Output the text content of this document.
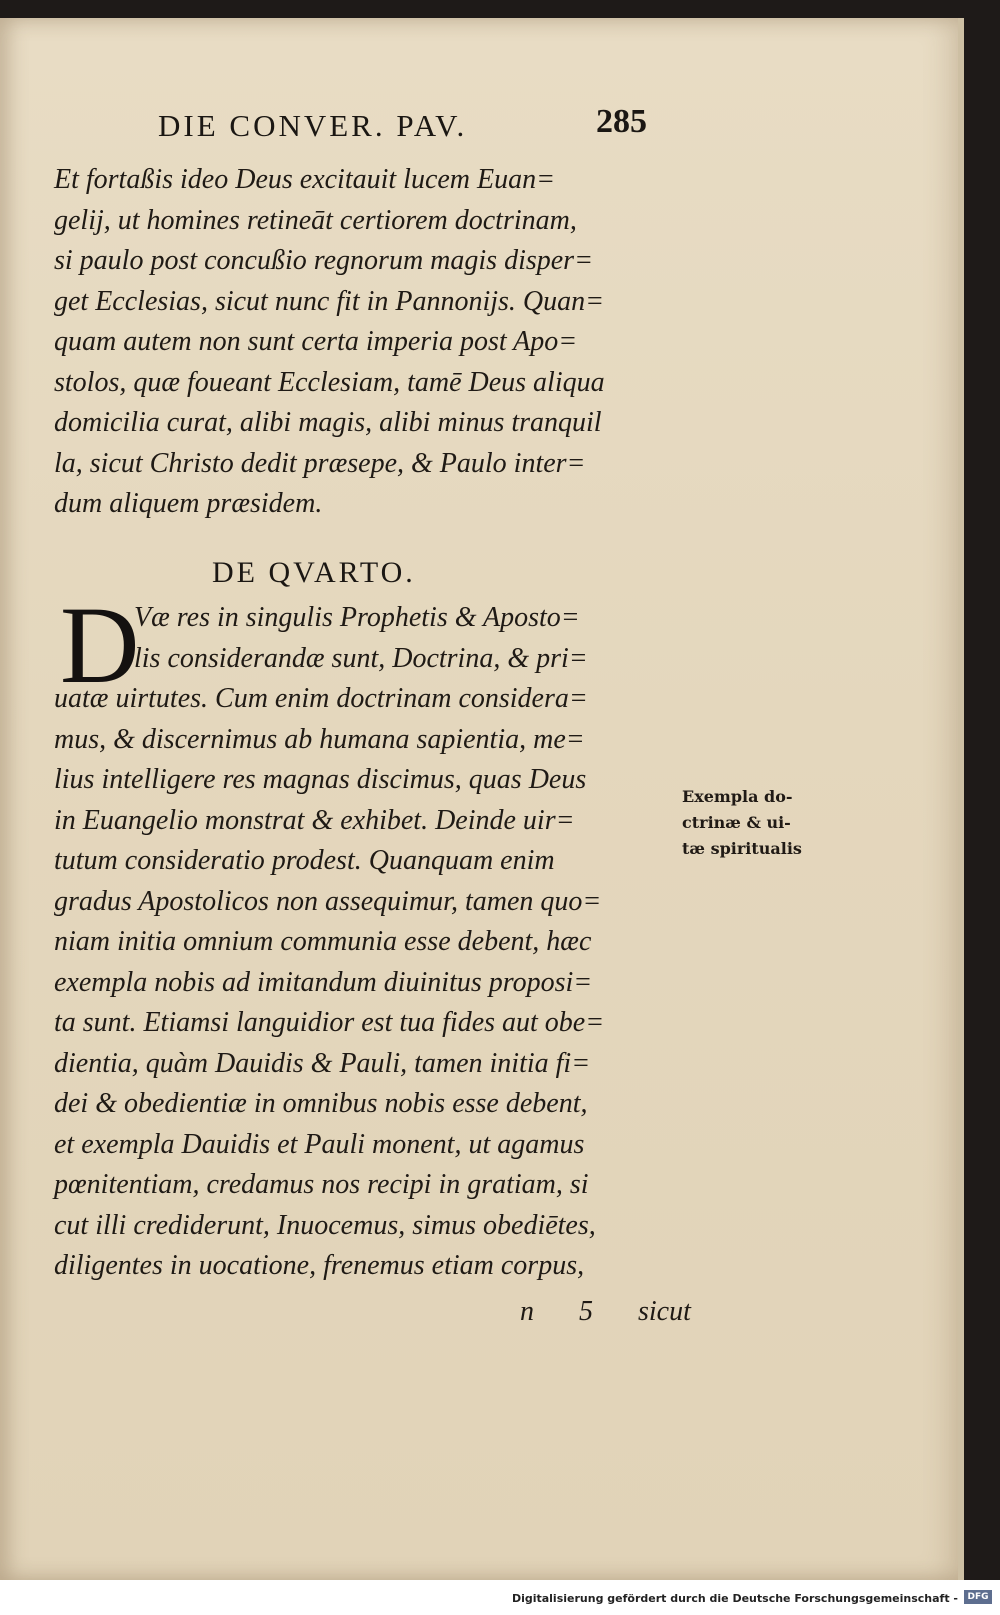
DIE CONVER. PAV.	285
Et fortaßis ideo Deus excitauit lucem Euan=
gelij, ut homines retineāt certiorem doctrinam,
si paulo post concußio regnorum magis disper=
get Ecclesias, sicut nunc fit in Pannonijs. Quan=
quam autem non sunt certa imperia post Apo=
stolos, quæ foueant Ecclesiam, tamē Deus aliqua
domicilia curat, alibi magis, alibi minus tranquil
la, sicut Christo dedit præsepe, & Paulo inter=
dum aliquem præsidem.
DE QVARTO.
D
Væ res in singulis Prophetis & Aposto=
lis considerandæ sunt, Doctrina, & pri=
uatæ uirtutes. Cum enim doctrinam considera=
mus, & discernimus ab humana sapientia, me=
lius intelligere res magnas discimus, quas Deus
in Euangelio monstrat & exhibet. Deinde uir=
tutum consideratio prodest. Quanquam enim
gradus Apostolicos non assequimur, tamen quo=
niam initia omnium communia esse debent, hæc
exempla nobis ad imitandum diuinitus proposi=
ta sunt. Etiamsi languidior est tua fides aut obe=
dientia, quàm Dauidis & Pauli, tamen initia fi=
dei & obedientiæ in omnibus nobis esse debent,
et exempla Dauidis et Pauli monent, ut agamus
pœnitentiam, credamus nos recipi in gratiam, si
cut illi crediderunt, Inuocemus, simus obediētes,
diligentes in uocatione, frenemus etiam corpus,
Exempla do-
ctrinæ & ui-
tæ spiritualis
n 5 sicut
Digitalisierung gefördert durch die Deutsche Forschungsgemeinschaft -	DFG
